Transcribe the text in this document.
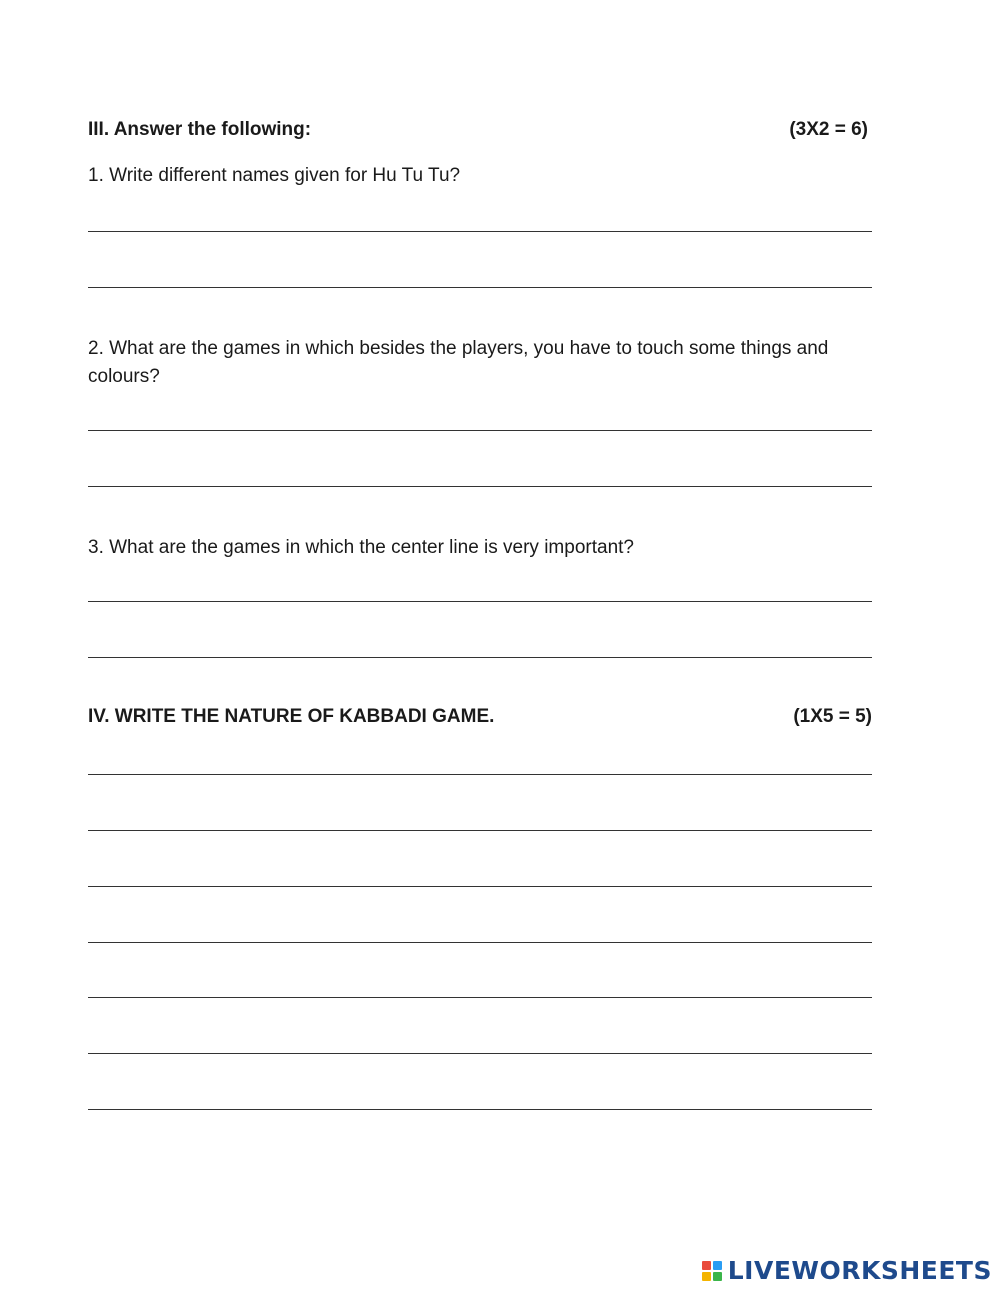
III. Answer the following:	(3X2 = 6)
1. Write different names given for Hu Tu Tu?
2. What are the games in which besides the players, you have to touch some things and colours?
3. What are the games in which the center line is very important?
IV. WRITE THE NATURE OF KABBADI GAME.	(1X5 = 5)
LIVEWORKSHEETS
